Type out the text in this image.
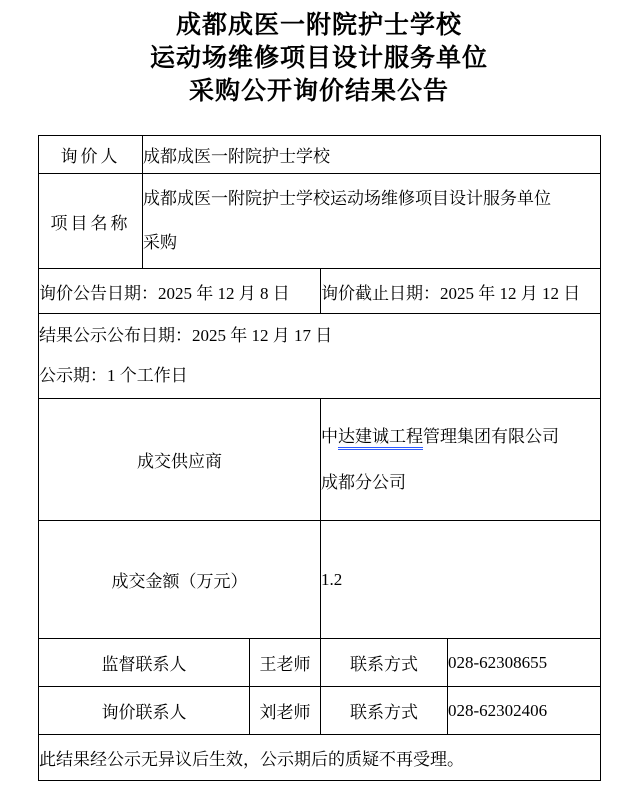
成都成医一附院护士学校
运动场维修项目设计服务单位
采购公开询价结果公告
询价人	成都成医一附院护士学校			
项目名称	成都成医一附院护士学校运动场维修项目设计服务单位
采购			

询价公告日期：2025 年 12 月 8 日			询价截止日期：2025 年 12 月 12 日	

结果公示公布日期：2025 年 12 月 17 日
公示期：1 个工作日				

成交供应商			中达建诚工程管理集团有限公司
成都分公司	

成交金额（万元）			1.2	
监督联系人		王老师	联系方式	028-62308655
询价联系人		刘老师	联系方式	028-62302406
此结果经公示无异议后生效，公示期后的质疑不再受理。				
